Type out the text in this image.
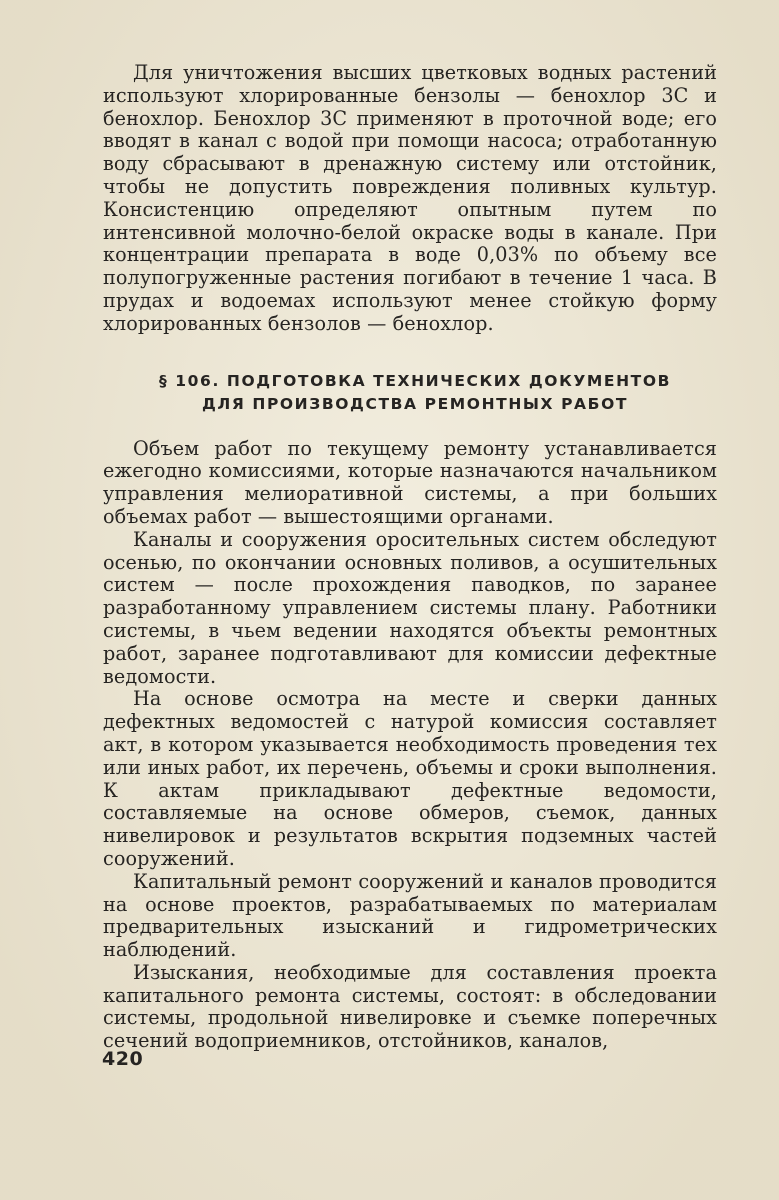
Для уничтожения высших цветковых водных растений используют хлорированные бензолы — бенохлор 3С и бенохлор. Бенохлор 3С применяют в проточной воде; его вводят в канал с водой при помощи насоса; отработанную воду сбрасывают в дренажную систему или отстойник, чтобы не допустить повреждения поливных культур. Консистенцию определяют опытным путем по интенсивной молочно-белой окраске воды в канале. При концентрации препарата в воде 0,03% по объему все полупогруженные растения погибают в течение 1 часа. В прудах и водоемах используют менее стойкую форму хлорированных бензолов — бенохлор.

§ 106. ПОДГОТОВКА ТЕХНИЧЕСКИХ ДОКУМЕНТОВ
ДЛЯ ПРОИЗВОДСТВА РЕМОНТНЫХ РАБОТ

Объем работ по текущему ремонту устанавливается ежегодно комиссиями, которые назначаются начальником управления мелиоративной системы, а при больших объемах работ — вышестоящими органами.

Каналы и сооружения оросительных систем обследуют осенью, по окончании основных поливов, а осушительных систем — после прохождения паводков, по заранее разработанному управлением системы плану. Работники системы, в чьем ведении находятся объекты ремонтных работ, заранее подготавливают для комиссии дефектные ведомости.

На основе осмотра на месте и сверки данных дефектных ведомостей с натурой комиссия составляет акт, в котором указывается необходимость проведения тех или иных работ, их перечень, объемы и сроки выполнения. К актам прикладывают дефектные ведомости, составляемые на основе обмеров, съемок, данных нивелировок и результатов вскрытия подземных частей сооружений.

Капитальный ремонт сооружений и каналов проводится на основе проектов, разрабатываемых по материалам предварительных изысканий и гидрометрических наблюдений.

Изыскания, необходимые для составления проекта капитального ремонта системы, состоят: в обследовании системы, продольной нивелировке и съемке поперечных сечений водоприемников, отстойников, каналов,

420
